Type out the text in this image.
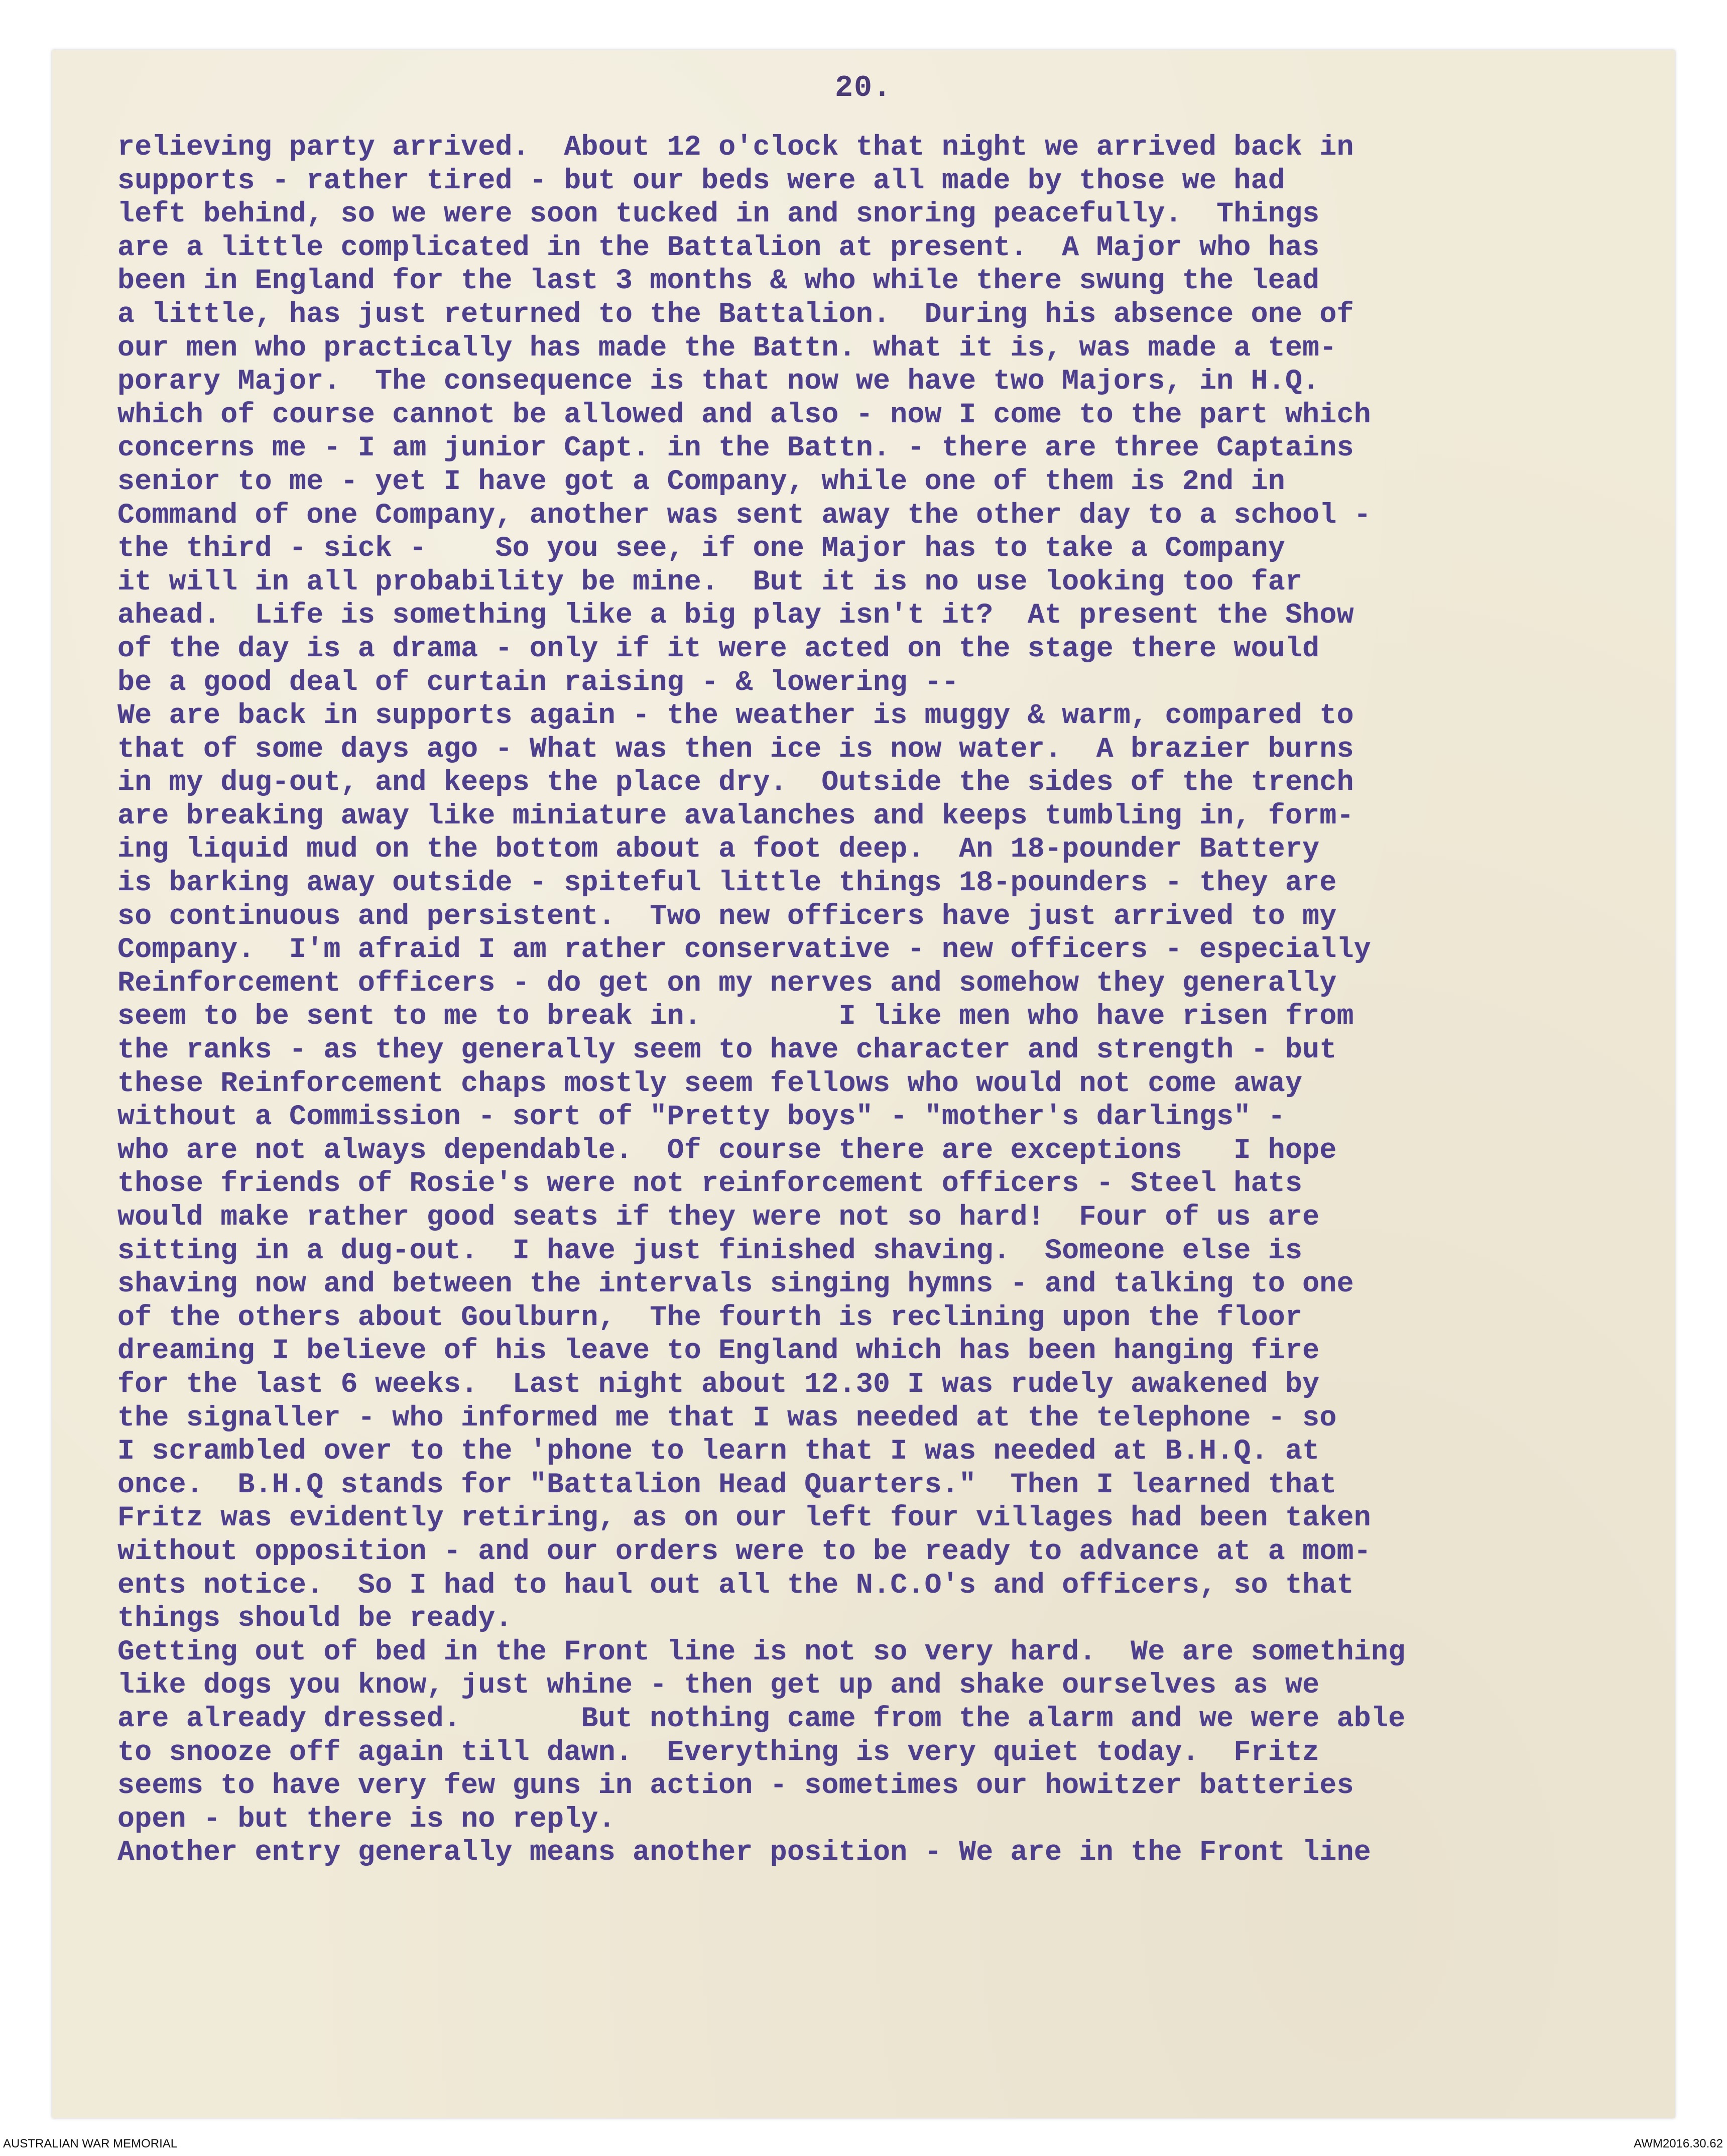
20.
relieving party arrived.  About 12 o'clock that night we arrived back in
supports - rather tired - but our beds were all made by those we had
left behind, so we were soon tucked in and snoring peacefully.  Things
are a little complicated in the Battalion at present.  A Major who has
been in England for the last 3 months & who while there swung the lead
a little, has just returned to the Battalion.  During his absence one of
our men who practically has made the Battn. what it is, was made a tem-
porary Major.  The consequence is that now we have two Majors, in H.Q.
which of course cannot be allowed and also - now I come to the part which
concerns me - I am junior Capt. in the Battn. - there are three Captains
senior to me - yet I have got a Company, while one of them is 2nd in
Command of one Company, another was sent away the other day to a school -
the third - sick -    So you see, if one Major has to take a Company
it will in all probability be mine.  But it is no use looking too far
ahead.  Life is something like a big play isn't it?  At present the Show
of the day is a drama - only if it were acted on the stage there would
be a good deal of curtain raising - & lowering --
We are back in supports again - the weather is muggy & warm, compared to
that of some days ago - What was then ice is now water.  A brazier burns
in my dug-out, and keeps the place dry.  Outside the sides of the trench
are breaking away like miniature avalanches and keeps tumbling in, form-
ing liquid mud on the bottom about a foot deep.  An 18-pounder Battery
is barking away outside - spiteful little things 18-pounders - they are
so continuous and persistent.  Two new officers have just arrived to my
Company.  I'm afraid I am rather conservative - new officers - especially
Reinforcement officers - do get on my nerves and somehow they generally
seem to be sent to me to break in.        I like men who have risen from
the ranks - as they generally seem to have character and strength - but
these Reinforcement chaps mostly seem fellows who would not come away
without a Commission - sort of "Pretty boys" - "mother's darlings" -
who are not always dependable.  Of course there are exceptions   I hope
those friends of Rosie's were not reinforcement officers - Steel hats
would make rather good seats if they were not so hard!  Four of us are
sitting in a dug-out.  I have just finished shaving.  Someone else is
shaving now and between the intervals singing hymns - and talking to one
of the others about Goulburn,  The fourth is reclining upon the floor
dreaming I believe of his leave to England which has been hanging fire
for the last 6 weeks.  Last night about 12.30 I was rudely awakened by
the signaller - who informed me that I was needed at the telephone - so
I scrambled over to the 'phone to learn that I was needed at B.H.Q. at
once.  B.H.Q stands for "Battalion Head Quarters."  Then I learned that
Fritz was evidently retiring, as on our left four villages had been taken
without opposition - and our orders were to be ready to advance at a mom-
ents notice.  So I had to haul out all the N.C.O's and officers, so that
things should be ready.
Getting out of bed in the Front line is not so very hard.  We are something
like dogs you know, just whine - then get up and shake ourselves as we
are already dressed.       But nothing came from the alarm and we were able
to snooze off again till dawn.  Everything is very quiet today.  Fritz
seems to have very few guns in action - sometimes our howitzer batteries
open - but there is no reply.
Another entry generally means another position - We are in the Front line
AUSTRALIAN WAR MEMORIAL	AWM2016.30.62
